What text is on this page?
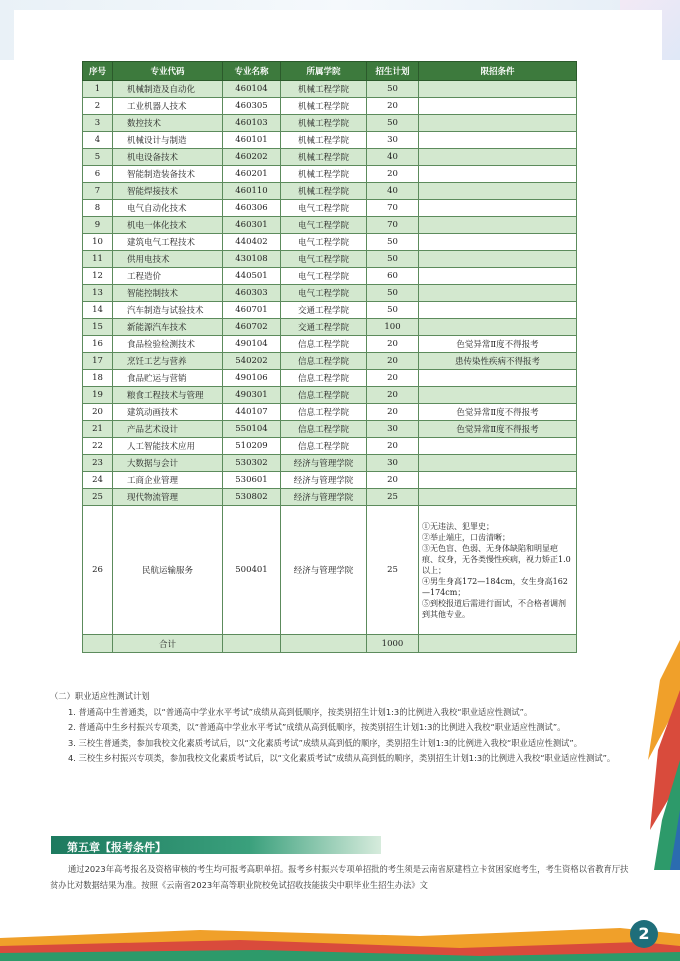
序号	专业代码	专业名称	所属学院	招生计划	限招条件
1	机械制造及自动化	460104	机械工程学院	50	
2	工业机器人技术	460305	机械工程学院	20	
3	数控技术	460103	机械工程学院	50	
4	机械设计与制造	460101	机械工程学院	30	
5	机电设备技术	460202	机械工程学院	40	
6	智能制造装备技术	460201	机械工程学院	20	
7	智能焊接技术	460110	机械工程学院	40	
8	电气自动化技术	460306	电气工程学院	70	
9	机电一体化技术	460301	电气工程学院	70	
10	建筑电气工程技术	440402	电气工程学院	50	
11	供用电技术	430108	电气工程学院	50	
12	工程造价	440501	电气工程学院	60	
13	智能控制技术	460303	电气工程学院	50	
14	汽车制造与试验技术	460701	交通工程学院	50	
15	新能源汽车技术	460702	交通工程学院	100	
16	食品检验检测技术	490104	信息工程学院	20	色觉异常Ⅱ度不得报考
17	烹饪工艺与营养	540202	信息工程学院	20	患传染性疾病不得报考
18	食品贮运与营销	490106	信息工程学院	20	
19	粮食工程技术与管理	490301	信息工程学院	20	
20	建筑动画技术	440107	信息工程学院	20	色觉异常Ⅱ度不得报考
21	产品艺术设计	550104	信息工程学院	30	色觉异常Ⅱ度不得报考
22	人工智能技术应用	510209	信息工程学院	20	
23	大数据与会计	530302	经济与管理学院	30	
24	工商企业管理	530601	经济与管理学院	20	
25	现代物流管理	530802	经济与管理学院	25	
26	民航运输服务	500401	经济与管理学院	25	①无违法、犯罪史；
②举止端庄，口齿清晰；
③无色盲、色弱、无身体缺陷和明显疤痕、纹身，无各类慢性疾病，视力矫正1.0以上；
④男生身高172—184cm，女生身高162—174cm；
⑤到校报道后需进行面试，不合格者调剂到其他专业。

	合计			1000	
（二）职业适应性测试计划
1. 普通高中生普通类，以“普通高中学业水平考试”成绩从高到低顺序，按类别招生计划1:3的比例进入我校“职业适应性测试”。
2. 普通高中生乡村振兴专项类，以“普通高中学业水平考试”成绩从高到低顺序，按类别招生计划1:3的比例进入我校“职业适应性测试”。
3. 三校生普通类，参加我校文化素质考试后，以“文化素质考试”成绩从高到低的顺序，类别招生计划1:3的比例进入我校“职业适应性测试”。
4. 三校生乡村振兴专项类，参加我校文化素质考试后，以“文化素质考试”成绩从高到低的顺序，类别招生计划1:3的比例进入我校“职业适应性测试”。
第五章【报考条件】
通过2023年高考报名及资格审核的考生均可报考高职单招。报考乡村振兴专项单招批的考生须是云南省原建档立卡贫困家庭考生，考生资格以省教育厅扶贫办比对数据结果为准。按照《云南省2023年高等职业院校免试招收技能拔尖中职毕业生招生办法》文
2
